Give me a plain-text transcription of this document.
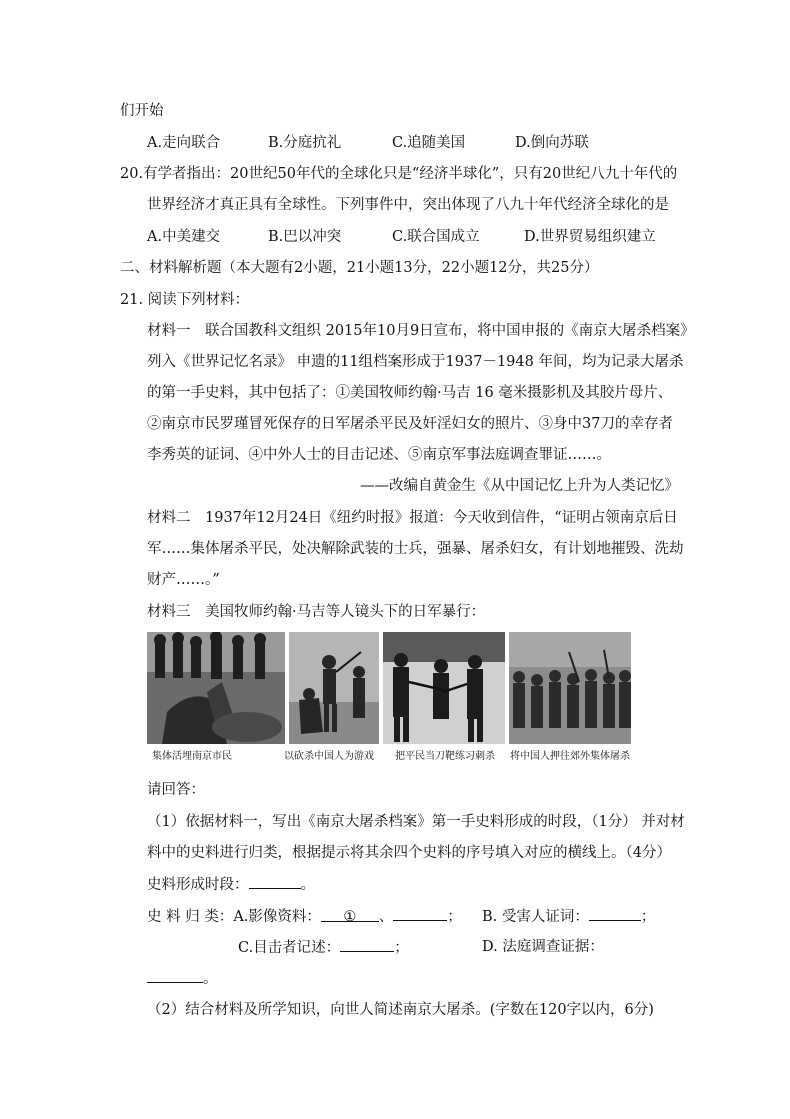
们开始
A.走向联合	B.分庭抗礼	C.追随美国	D.倒向苏联
20.有学者指出：20世纪50年代的全球化只是“经济半球化”，只有20世纪八九十年代的
世界经济才真正具有全球性。下列事件中，突出体现了八九十年代经济全球化的是
A.中美建交	B.巴以冲突	C.联合国成立	D.世界贸易组织建立
二、材料解析题（本大题有2小题，21小题13分，22小题12分，共25分）
21. 阅读下列材料：
材料一　联合国教科文组织 2015年10月9日宣布，将中国申报的《南京大屠杀档案》
列入《世界记忆名录》 申遗的11组档案形成于1937－1948 年间，均为记录大屠杀
的第一手史料，其中包括了：①美国牧师约翰·马吉 16 毫米摄影机及其胶片母片、
②南京市民罗瑾冒死保存的日军屠杀平民及奸淫妇女的照片、③身中37刀的幸存者
李秀英的证词、④中外人士的目击记述、⑤南京军事法庭调查罪证……。
——改编自黄金生《从中国记忆上升为人类记忆》
材料二　1937年12月24日《纽约时报》报道：今天收到信件，“证明占领南京后日
军……集体屠杀平民，处决解除武装的士兵，强暴、屠杀妇女，有计划地摧毁、洗劫
财产……。”
材料三　美国牧师约翰·马吉等人镜头下的日军暴行：
集体活埋南京市民	以砍杀中国人为游戏 把平民当刀靶练习刺杀 将中国人押往郊外集体屠杀
请回答：
（1）依据材料一，写出《南京大屠杀档案》第一手史料形成的时段，（1分） 并对材
料中的史料进行归类，根据提示将其余四个史料的序号填入对应的横线上。（4分）
史料形成时段：	。
史 料 归 类：A.影像资料： ① 、	； B. 受害人证词：	；
C.目击者记述：	；	D. 法庭调查证据：
。
（2）结合材料及所学知识，向世人简述南京大屠杀。(字数在120字以内，6分)
